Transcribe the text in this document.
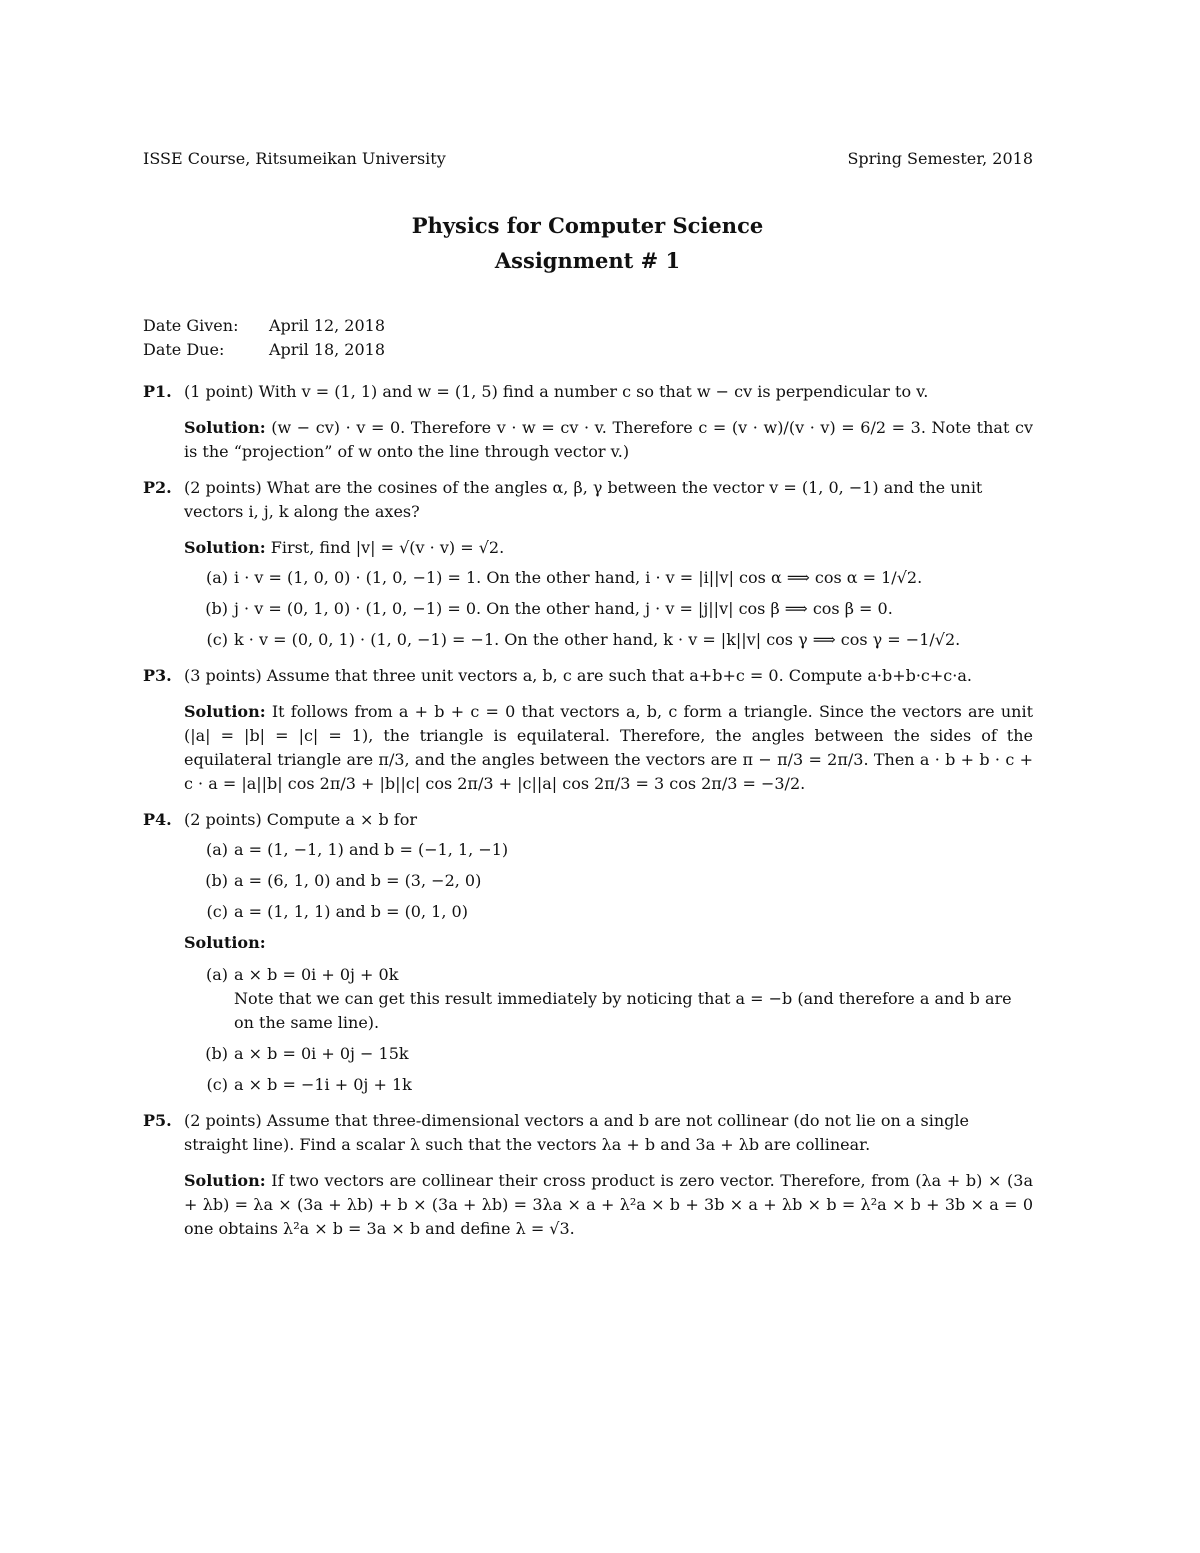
ISSE Course, Ritsumeikan University	Spring Semester, 2018
Physics for Computer Science
Assignment # 1
Date Given:	April 12, 2018
Date Due:	April 18, 2018
P1. (1 point) With v = (1, 1) and w = (1, 5) find a number c so that w − cv is perpendicular to v.
Solution: (w − cv) · v = 0. Therefore v · w = cv · v. Therefore c = (v · w)/(v · v) = 6/2 = 3. Note that cv is the “projection” of w onto the line through vector v.)
P2. (2 points) What are the cosines of the angles α, β, γ between the vector v = (1, 0, −1) and the unit vectors i, j, k along the axes?
Solution: First, find |v| = √(v · v) = √2.
(a) i · v = (1, 0, 0) · (1, 0, −1) = 1. On the other hand, i · v = |i||v| cos α ⟹ cos α = 1/√2.
(b) j · v = (0, 1, 0) · (1, 0, −1) = 0. On the other hand, j · v = |j||v| cos β ⟹ cos β = 0.
(c) k · v = (0, 0, 1) · (1, 0, −1) = −1. On the other hand, k · v = |k||v| cos γ ⟹ cos γ = −1/√2.
P3. (3 points) Assume that three unit vectors a, b, c are such that a+b+c = 0. Compute a·b+b·c+c·a.
Solution: It follows from a + b + c = 0 that vectors a, b, c form a triangle. Since the vectors are unit (|a| = |b| = |c| = 1), the triangle is equilateral. Therefore, the angles between the sides of the equilateral triangle are π/3, and the angles between the vectors are π − π/3 = 2π/3. Then a · b + b · c + c · a = |a||b| cos 2π/3 + |b||c| cos 2π/3 + |c||a| cos 2π/3 = 3 cos 2π/3 = −3/2.
P4. (2 points) Compute a × b for
(a) a = (1, −1, 1) and b = (−1, 1, −1)
(b) a = (6, 1, 0) and b = (3, −2, 0)
(c) a = (1, 1, 1) and b = (0, 1, 0)
Solution:
(a) a × b = 0i + 0j + 0k
Note that we can get this result immediately by noticing that a = −b (and therefore a and b are on the same line).
(b) a × b = 0i + 0j − 15k
(c) a × b = −1i + 0j + 1k
P5. (2 points) Assume that three-dimensional vectors a and b are not collinear (do not lie on a single straight line). Find a scalar λ such that the vectors λa + b and 3a + λb are collinear.
Solution: If two vectors are collinear their cross product is zero vector. Therefore, from (λa + b) × (3a + λb) = λa × (3a + λb) + b × (3a + λb) = 3λa × a + λ²a × b + 3b × a + λb × b = λ²a × b + 3b × a = 0 one obtains λ²a × b = 3a × b and define λ = √3.
